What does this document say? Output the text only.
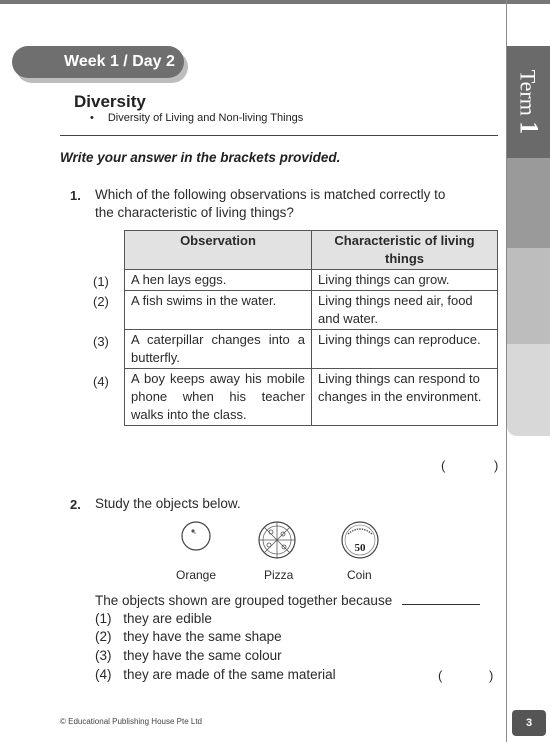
Term 1
Week 1 / Day 2
Diversity
• Diversity of Living and Non-living Things
Write your answer in the brackets provided.
1. Which of the following observations is matched correctly to
the characteristic of living things?
(1)
(2)
(3)
(4)
Observation	Characteristic of living things
A hen lays eggs.	Living things can grow.
A fish swims in the water.	Living things need air, food and water.
A caterpillar changes into a butterfly.	Living things can reproduce.
A boy keeps away his mobile phone when his teacher walks into the class.	Living things can respond to changes in the environment.
(	)
2. Study the objects below.
50
Orange	Pizza	Coin
The objects shown are grouped together because
(1) they are edible
(2) they have the same shape
(3) they have the same colour
(4) they are made of the same material	(	)
© Educational Publishing House Pte Ltd	3
